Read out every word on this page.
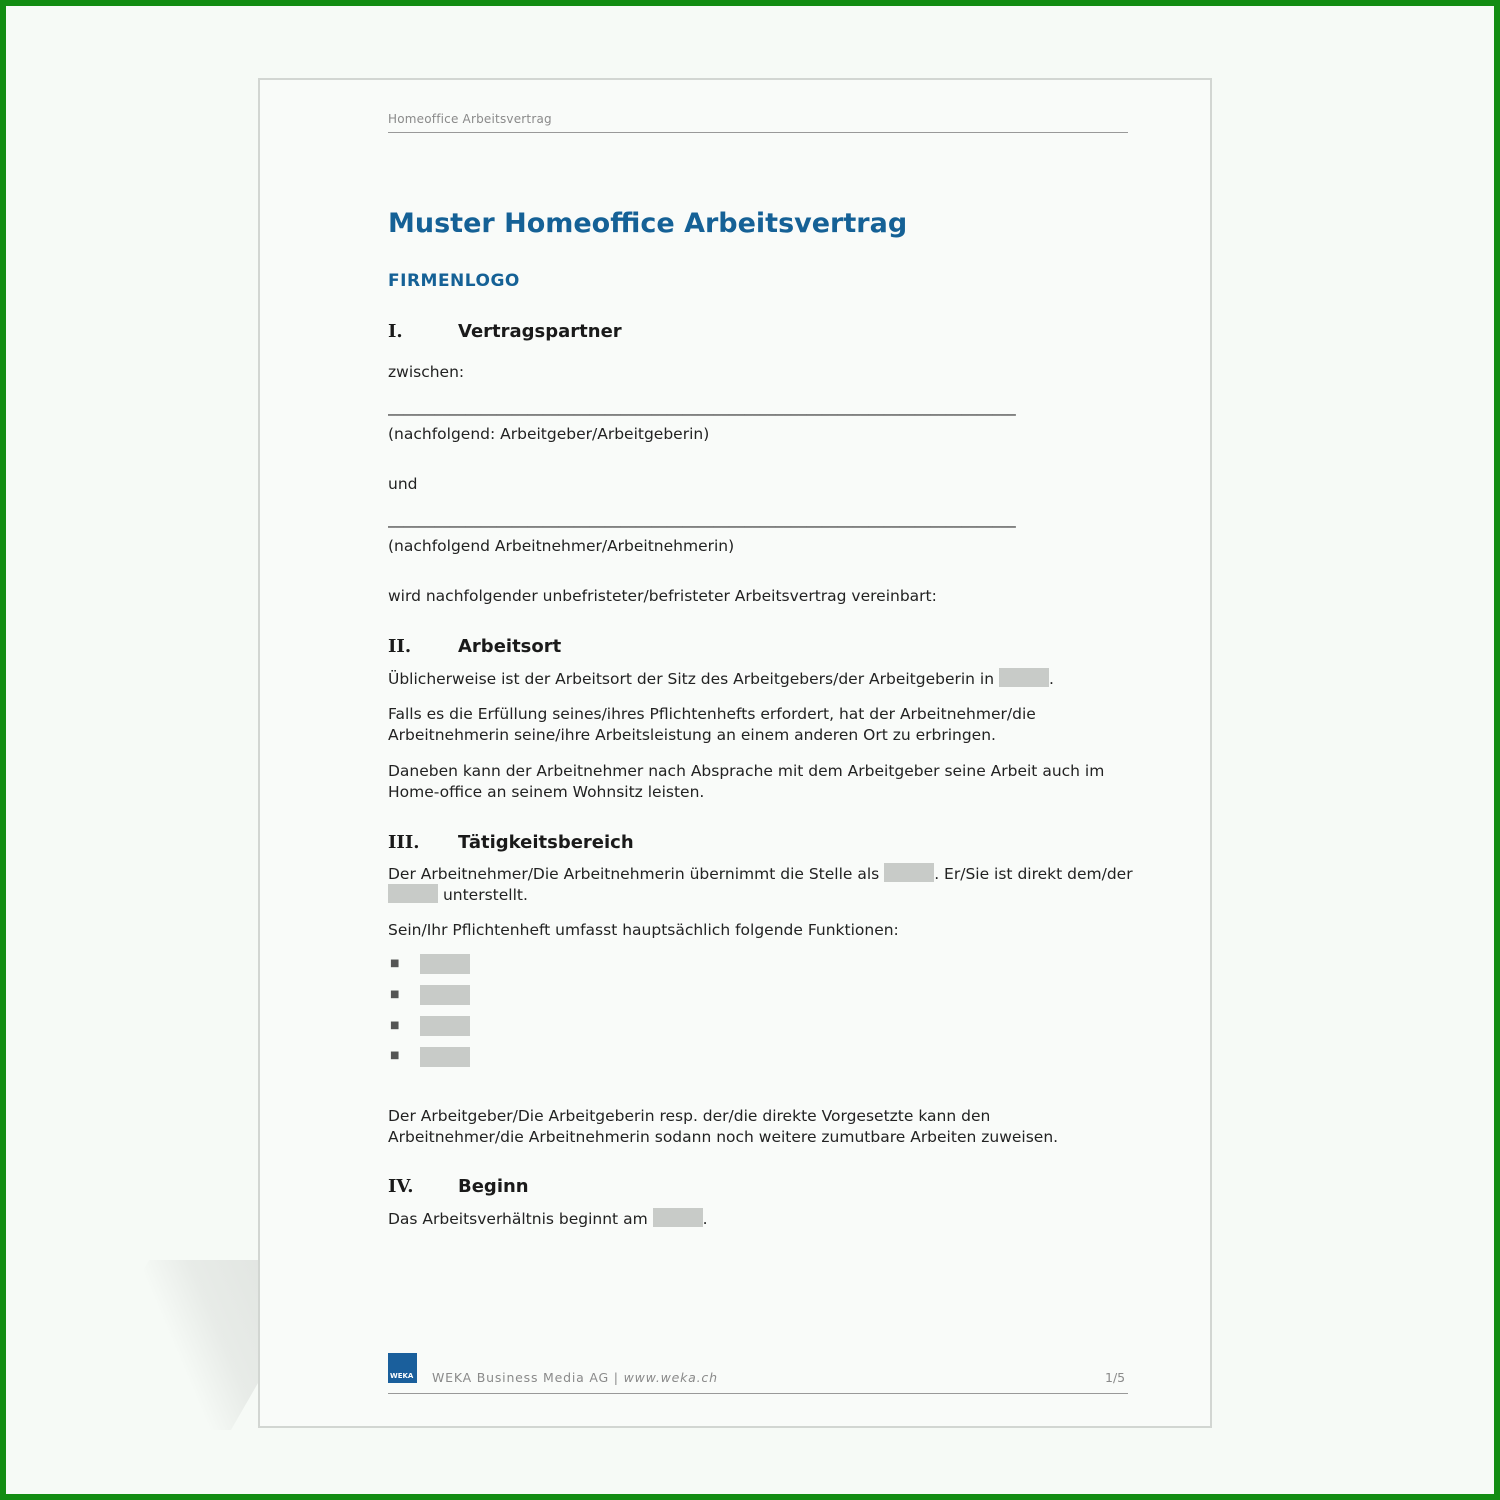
Homeoffice Arbeitsvertrag
Muster Homeoffice Arbeitsvertrag
FIRMENLOGO
I.	Vertragspartner
zwischen:
_________________________________________________________________________________
(nachfolgend: Arbeitgeber/Arbeitgeberin)
und
_________________________________________________________________________________
(nachfolgend Arbeitnehmer/Arbeitnehmerin)
wird nachfolgender unbefristeter/befristeter Arbeitsvertrag vereinbart:
II.	Arbeitsort
Üblicherweise ist der Arbeitsort der Sitz des Arbeitgebers/der Arbeitgeberin in	.
Falls es die Erfüllung seines/ihres Pflichtenhefts erfordert, hat der Arbeitnehmer/die Arbeitnehmerin seine/ihre Arbeitsleistung an einem anderen Ort zu erbringen.
Daneben kann der Arbeitnehmer nach Absprache mit dem Arbeitgeber seine Arbeit auch im Home-office an seinem Wohnsitz leisten.
III. Tätigkeitsbereich
Der Arbeitnehmer/Die Arbeitnehmerin übernimmt die Stelle als	. Er/Sie ist direkt dem/der
unterstellt.
Sein/Ihr Pflichtenheft umfasst hauptsächlich folgende Funktionen:
■
■
■
■
Der Arbeitgeber/Die Arbeitgeberin resp. der/die direkte Vorgesetzte kann den Arbeitnehmer/die Arbeitnehmerin sodann noch weitere zumutbare Arbeiten zuweisen.
IV. Beginn
Das Arbeitsverhältnis beginnt am	.
WEKA WEKA Business Media AG | www.weka.ch	1/5
